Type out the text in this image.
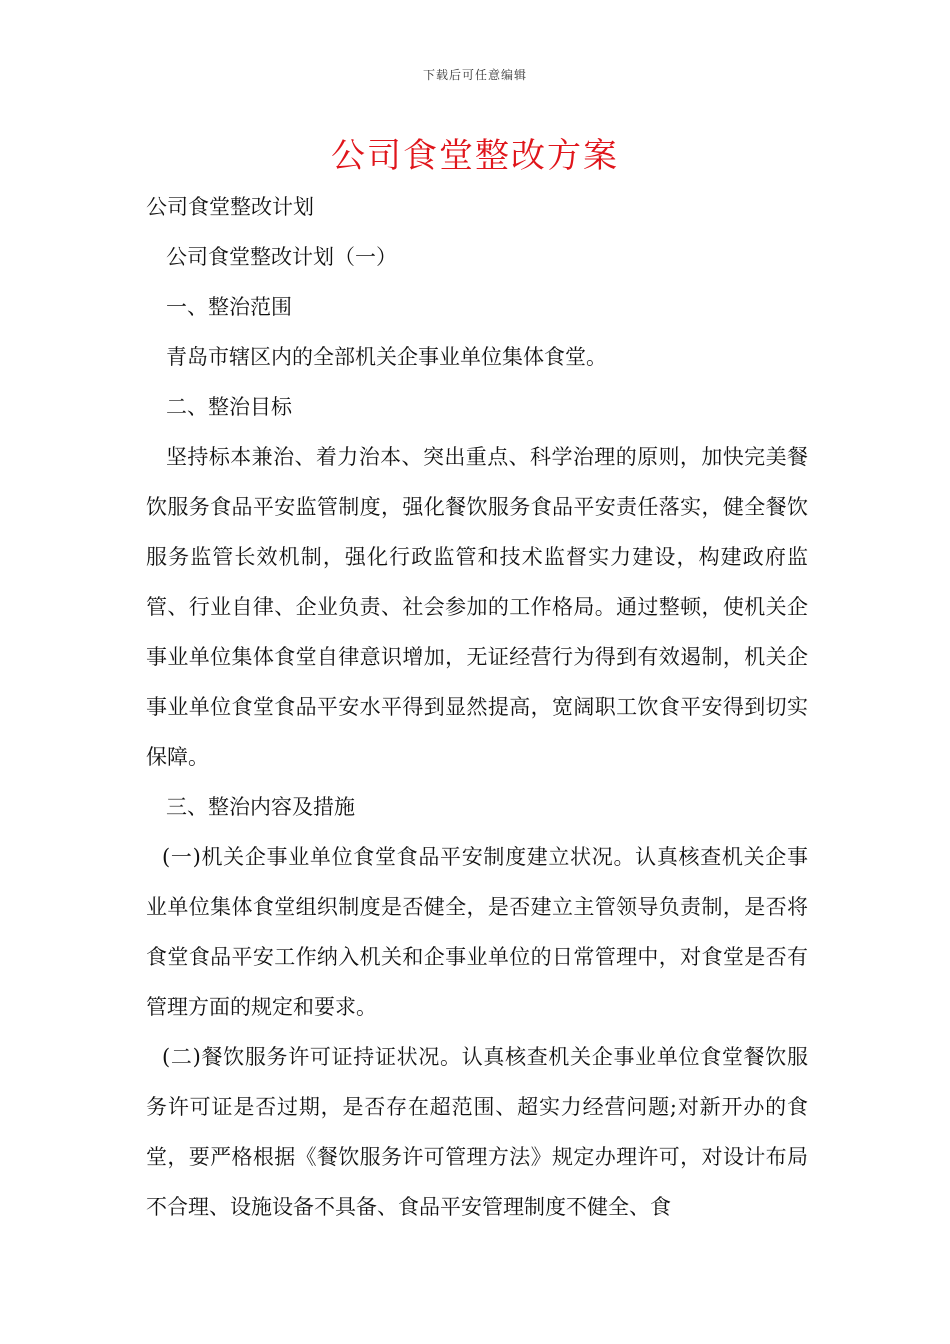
下载后可任意编辑
公司食堂整改方案

公司食堂整改计划

公司食堂整改计划（一）

一、整治范围

青岛市辖区内的全部机关企事业单位集体食堂。

二、整治目标

坚持标本兼治、着力治本、突出重点、科学治理的原则，加快完美餐饮服务食品平安监管制度，强化餐饮服务食品平安责任落实，健全餐饮服务监管长效机制，强化行政监管和技术监督实力建设，构建政府监管、行业自律、企业负责、社会参加的工作格局。通过整顿，使机关企事业单位集体食堂自律意识增加，无证经营行为得到有效遏制，机关企事业单位食堂食品平安水平得到显然提高，宽阔职工饮食平安得到切实保障。

三、整治内容及措施

(一)机关企事业单位食堂食品平安制度建立状况。认真核查机关企事业单位集体食堂组织制度是否健全，是否建立主管领导负责制，是否将食堂食品平安工作纳入机关和企事业单位的日常管理中，对食堂是否有管理方面的规定和要求。

(二)餐饮服务许可证持证状况。认真核查机关企事业单位食堂餐饮服务许可证是否过期，是否存在超范围、超实力经营问题;对新开办的食堂，要严格根据《餐饮服务许可管理方法》规定办理许可，对设计布局不合理、设施设备不具备、食品平安管理制度不健全、食
